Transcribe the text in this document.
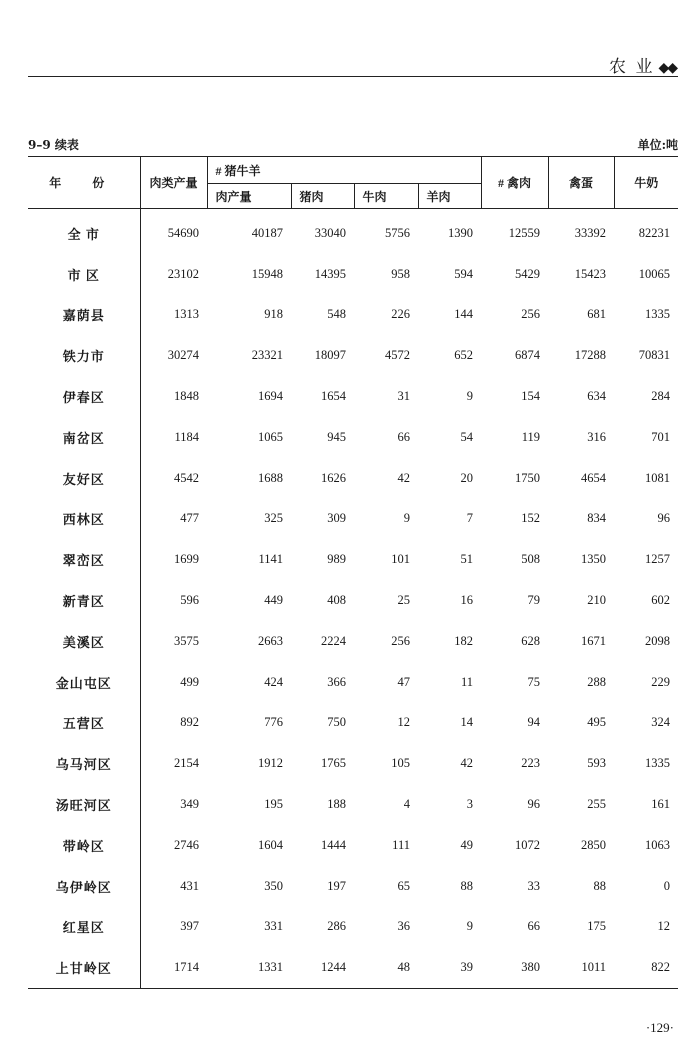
农 业 ◆◆
9–9 续表	单位:吨
年 份	肉类产量	# 猪牛羊				# 禽肉	禽蛋	牛奶
		肉产量	猪肉	牛肉	羊肉			
全 市	54690	40187	33040	5756	1390	12559	33392	82231
市 区	23102	15948	14395	958	594	5429	15423	10065
嘉荫县	1313	918	548	226	144	256	681	1335
铁力市	30274	23321	18097	4572	652	6874	17288	70831
伊春区	1848	1694	1654	31	9	154	634	284
南岔区	1184	1065	945	66	54	119	316	701
友好区	4542	1688	1626	42	20	1750	4654	1081
西林区	477	325	309	9	7	152	834	96
翠峦区	1699	1141	989	101	51	508	1350	1257
新青区	596	449	408	25	16	79	210	602
美溪区	3575	2663	2224	256	182	628	1671	2098
金山屯区	499	424	366	47	11	75	288	229
五营区	892	776	750	12	14	94	495	324
乌马河区	2154	1912	1765	105	42	223	593	1335
汤旺河区	349	195	188	4	3	96	255	161
带岭区	2746	1604	1444	111	49	1072	2850	1063
乌伊岭区	431	350	197	65	88	33	88	0
红星区	397	331	286	36	9	66	175	12
上甘岭区	1714	1331	1244	48	39	380	1011	822
·129·
